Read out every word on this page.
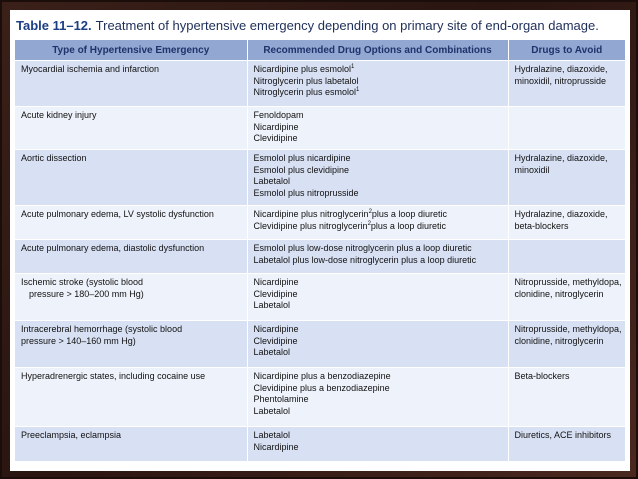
Table 11–12. Treatment of hypertensive emergency depending on primary site of end-organ damage.
Type of Hypertensive Emergency	Recommended Drug Options and Combinations	Drugs to Avoid

Myocardial ischemia and infarction	Nicardipine plus esmolol$^1$
Nitroglycerin plus labetalol
Nitroglycerin plus esmolol$^1$	Hydralazine, diazoxide,
minoxidil, nitroprusside

Acute kidney injury	Fenoldopam
Nicardipine
Clevidipine	

Aortic dissection	Esmolol plus nicardipine
Esmolol plus clevidipine
Labetalol
Esmolol plus nitroprusside	Hydralazine, diazoxide,
minoxidil

Acute pulmonary edema, LV systolic dysfunction	Nicardipine plus nitroglycerin$^2$plus a loop diuretic
Clevidipine plus nitroglycerin$^2$plus a loop diuretic	Hydralazine, diazoxide,
beta-blockers

Acute pulmonary edema, diastolic dysfunction	Esmolol plus low-dose nitroglycerin plus a loop diuretic
Labetalol plus low-dose nitroglycerin plus a loop diuretic	

Ischemic stroke (systolic blood
pressure > 180–200 mm Hg)	Nicardipine
Clevidipine
Labetalol	Nitroprusside, methyldopa,
clonidine, nitroglycerin

Intracerebral hemorrhage (systolic blood
pressure > 140–160 mm Hg)	Nicardipine
Clevidipine
Labetalol	Nitroprusside, methyldopa,
clonidine, nitroglycerin

Hyperadrenergic states, including cocaine use	Nicardipine plus a benzodiazepine
Clevidipine plus a benzodiazepine
Phentolamine
Labetalol	Beta-blockers

Preeclampsia, eclampsia	Labetalol
Nicardipine	Diuretics, ACE inhibitors
